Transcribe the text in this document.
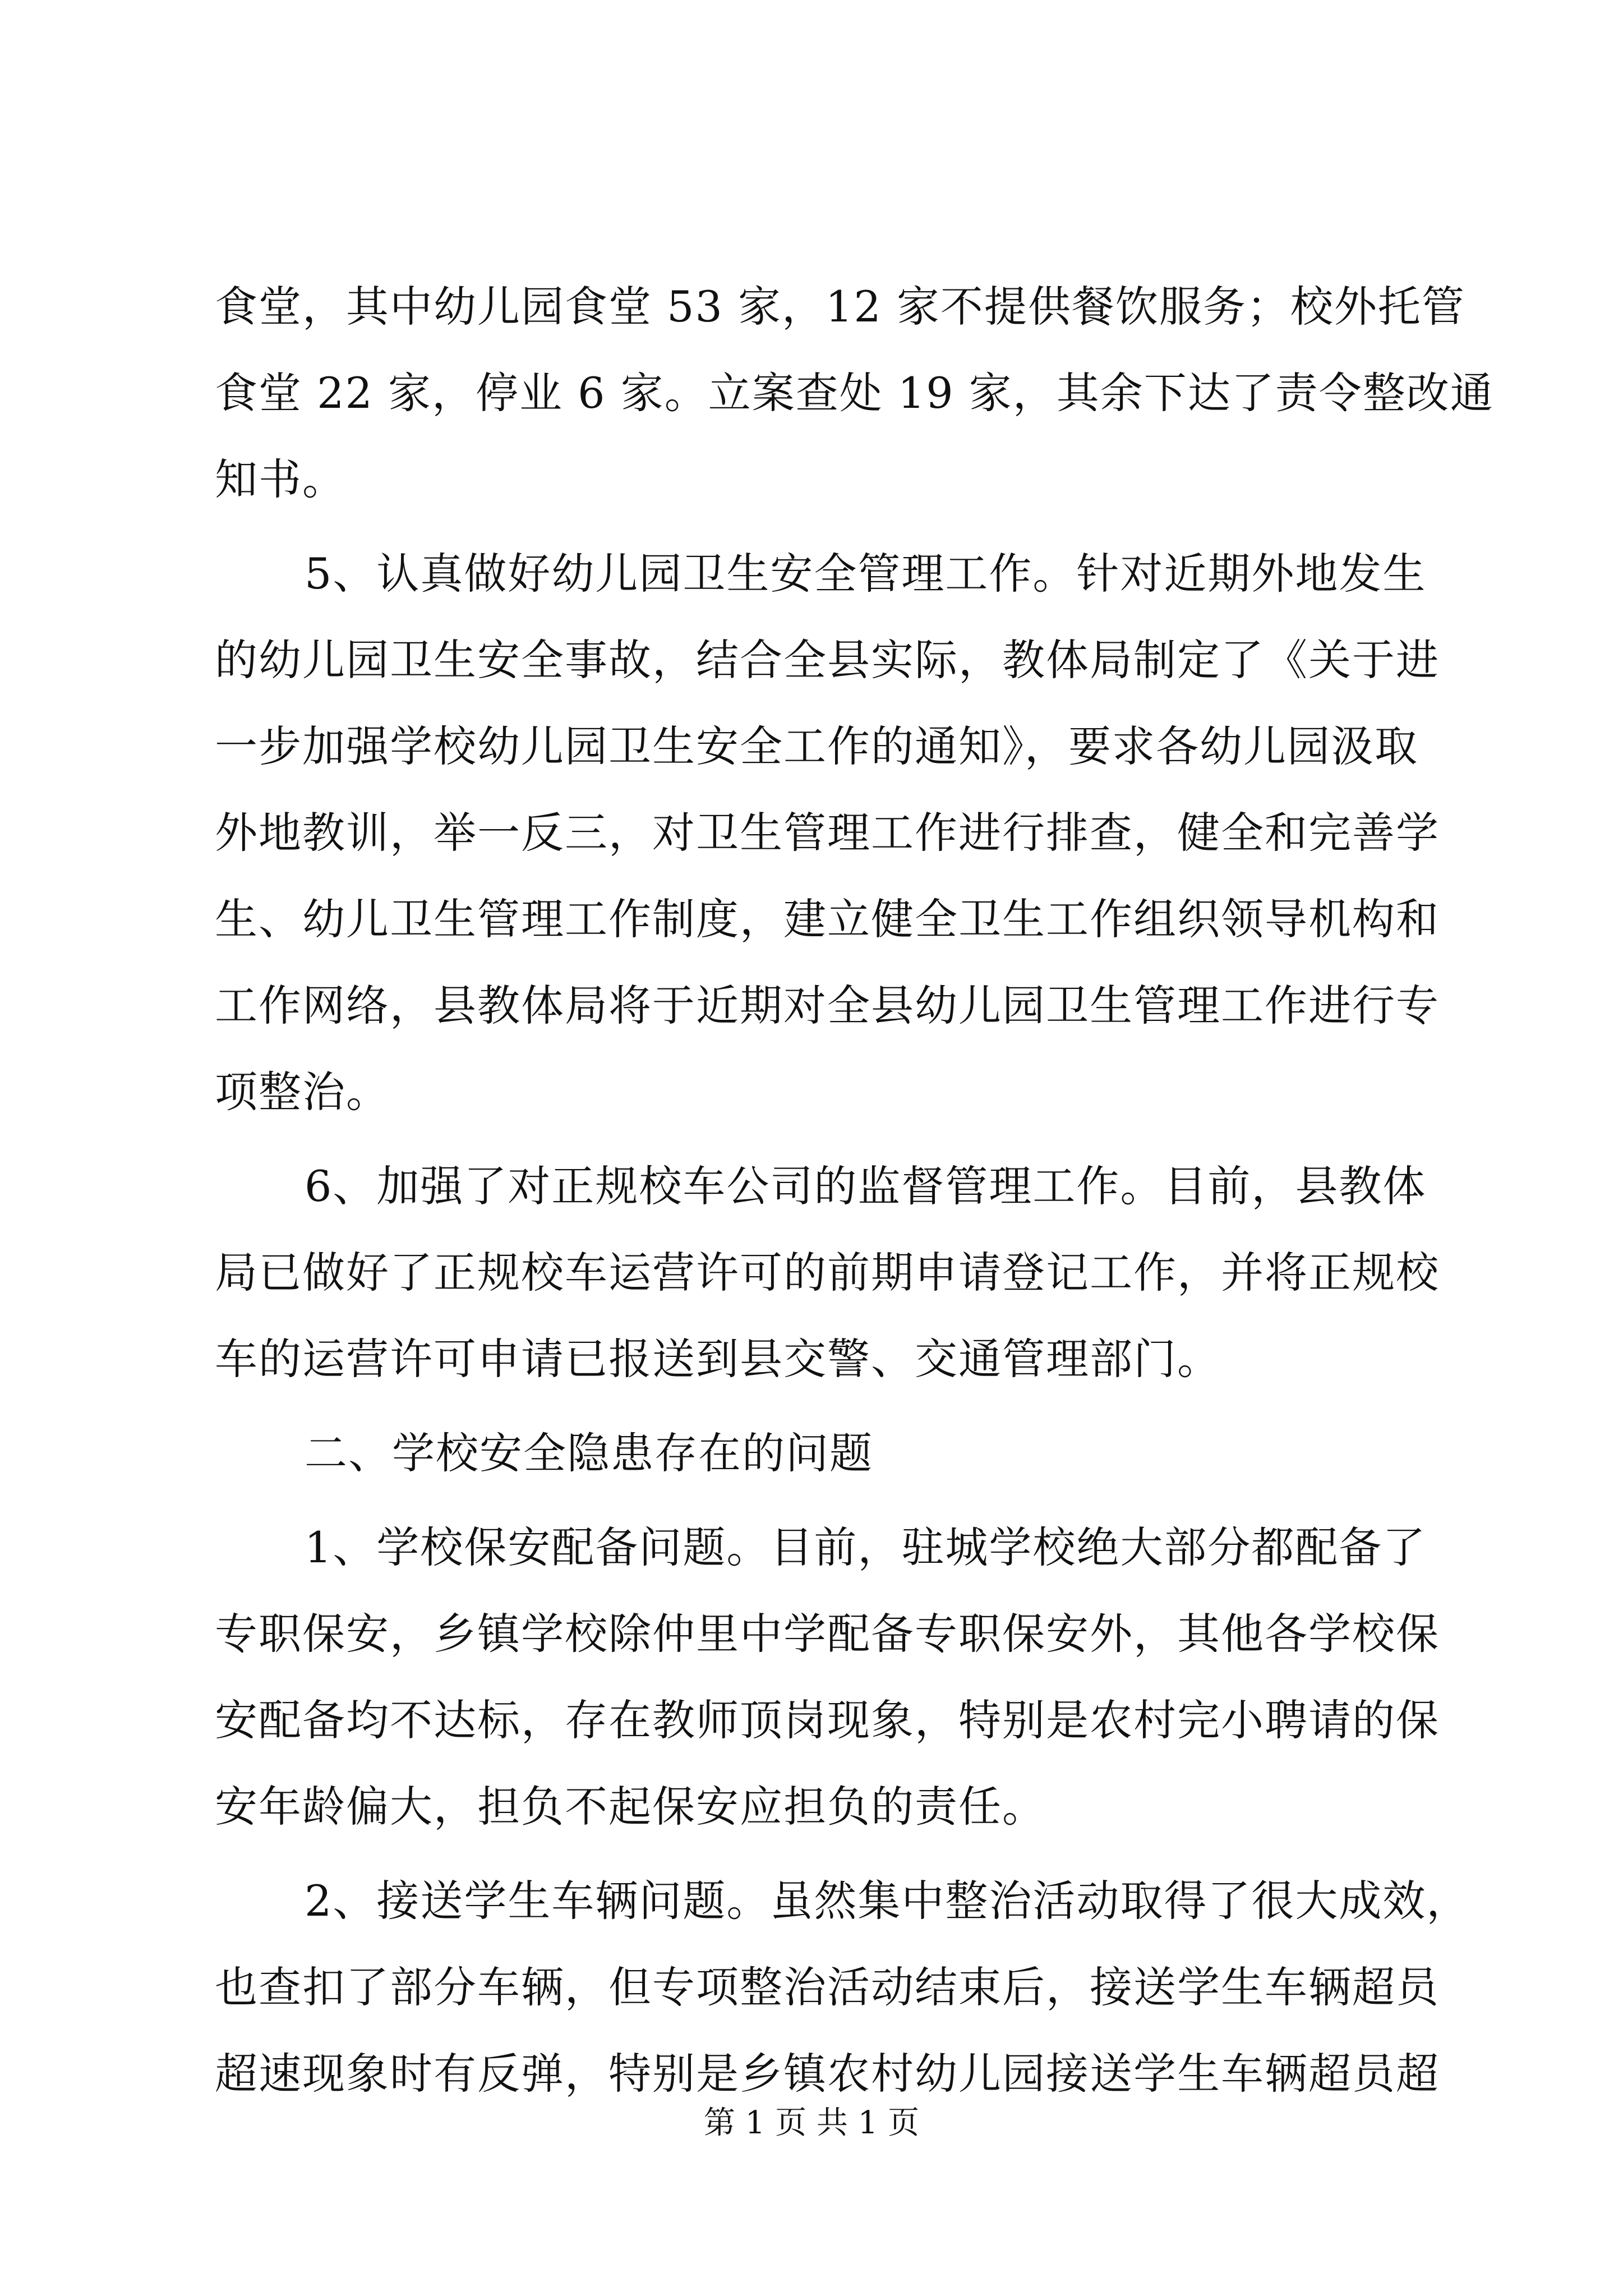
食堂，其中幼儿园食堂 53 家，12 家不提供餐饮服务；校外托管
食堂 22 家，停业 6 家。立案查处 19 家，其余下达了责令整改通
知书。
5、认真做好幼儿园卫生安全管理工作。针对近期外地发生
的幼儿园卫生安全事故，结合全县实际，教体局制定了《关于进
一步加强学校幼儿园卫生安全工作的通知》，要求各幼儿园汲取
外地教训，举一反三，对卫生管理工作进行排查，健全和完善学
生、幼儿卫生管理工作制度，建立健全卫生工作组织领导机构和
工作网络，县教体局将于近期对全县幼儿园卫生管理工作进行专
项整治。
6、加强了对正规校车公司的监督管理工作。目前，县教体
局已做好了正规校车运营许可的前期申请登记工作，并将正规校
车的运营许可申请已报送到县交警、交通管理部门。
二、学校安全隐患存在的问题
1、学校保安配备问题。目前，驻城学校绝大部分都配备了
专职保安，乡镇学校除仲里中学配备专职保安外，其他各学校保
安配备均不达标，存在教师顶岗现象，特别是农村完小聘请的保
安年龄偏大，担负不起保安应担负的责任。
2、接送学生车辆问题。虽然集中整治活动取得了很大成效，
也查扣了部分车辆，但专项整治活动结束后，接送学生车辆超员
超速现象时有反弹，特别是乡镇农村幼儿园接送学生车辆超员超
第 1 页 共 1 页
